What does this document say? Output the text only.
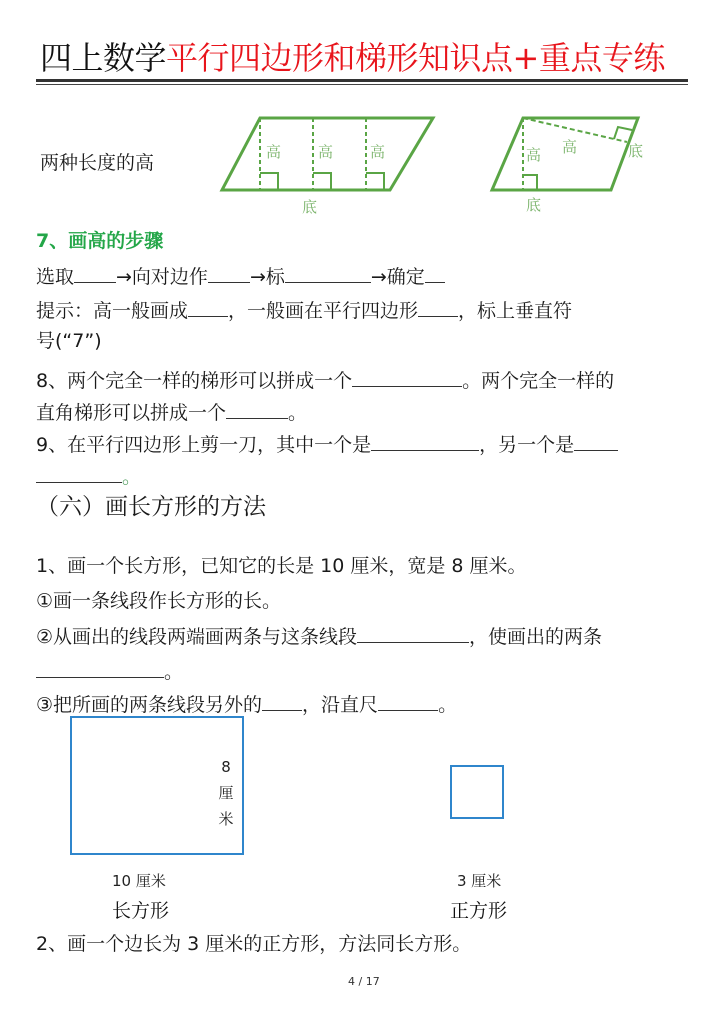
四上数学平行四边形和梯形知识点+重点专练
两种长度的高	高 高 高
底
高 高	底
底
7、画高的步骤
选取 →向对边作 →标	→确定
提示：高一般画成 ，一般画在平行四边形 ，标上垂直符
号(“7”)
8、两个完全一样的梯形可以拼成一个	。两个完全一样的
直角梯形可以拼成一个	。
9、在平行四边形上剪一刀，其中一个是	，另一个是
。
（六）画长方形的方法
1、画一个长方形，已知它的长是 10 厘米，宽是 8 厘米。
①画一条线段作长方形的长。
②从画出的线段两端画两条与这条线段	，使画出的两条
。
③把所画的两条线段另外的 ，沿直尺	。
8
厘
米
10 厘米
长方形
3 厘米
正方形
2、画一个边长为 3 厘米的正方形，方法同长方形。
4 / 17
